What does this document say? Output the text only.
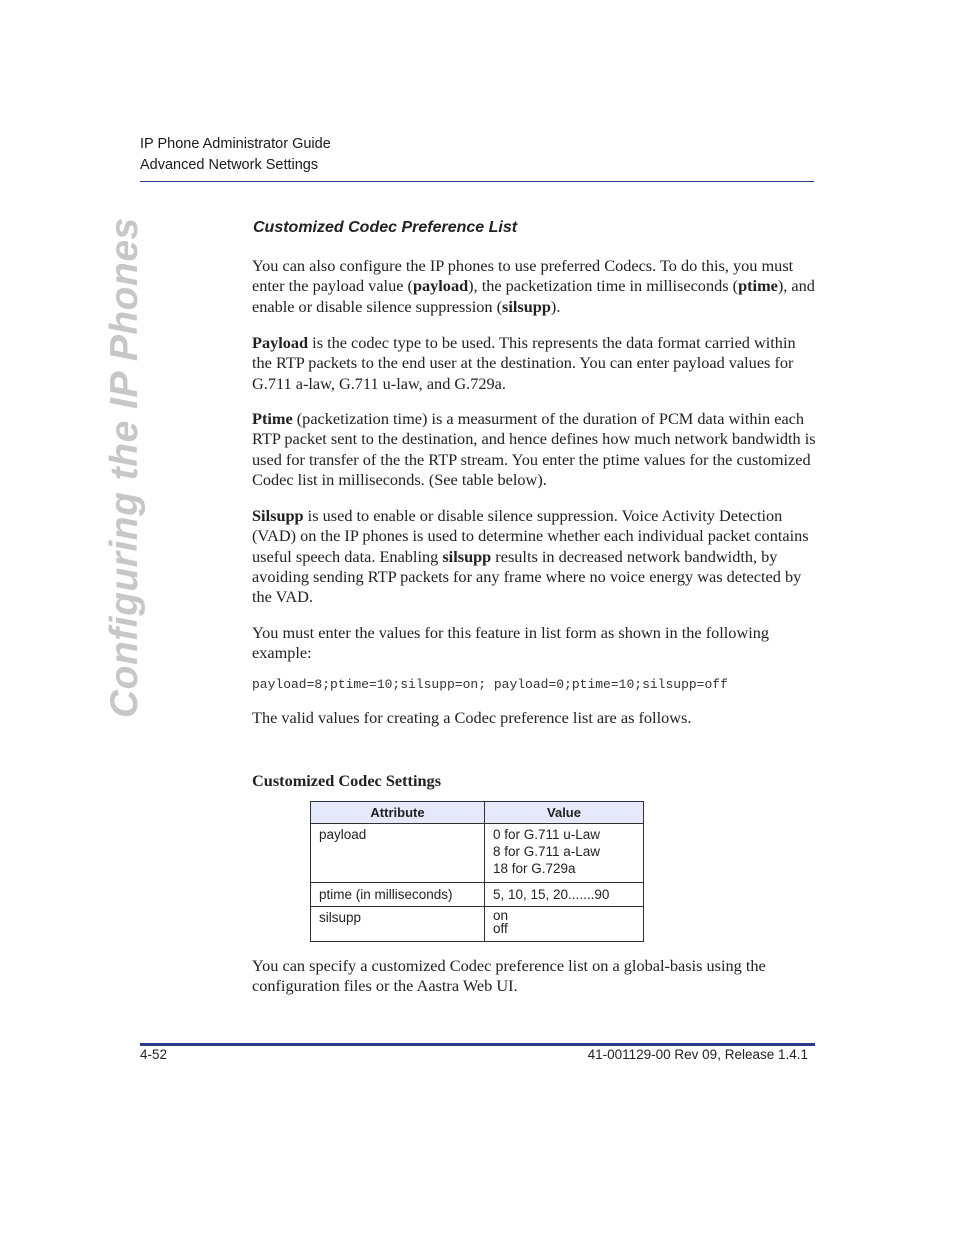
IP Phone Administrator Guide
Advanced Network Settings
Configuring the IP Phones	Customized Codec Preference List
You can also configure the IP phones to use preferred Codecs. To do this, you must enter the payload value (payload), the packetization time in milliseconds (ptime), and enable or disable silence suppression (silsupp).
Payload is the codec type to be used. This represents the data format carried within the RTP packets to the end user at the destination. You can enter payload values for G.711 a-law, G.711 u-law, and G.729a.
Ptime (packetization time) is a measurment of the duration of PCM data within each RTP packet sent to the destination, and hence defines how much network bandwidth is used for transfer of the the RTP stream. You enter the ptime values for the customized Codec list in milliseconds. (See table below).
Silsupp is used to enable or disable silence suppression. Voice Activity Detection (VAD) on the IP phones is used to determine whether each individual packet contains useful speech data. Enabling silsupp results in decreased network bandwidth, by avoiding sending RTP packets for any frame where no voice energy was detected by the VAD.
You must enter the values for this feature in list form as shown in the following example:
payload=8;ptime=10;silsupp=on; payload=0;ptime=10;silsupp=off
The valid values for creating a Codec preference list are as follows.
Customized Codec Settings
Attribute	Value
payload	0 for G.711 u-Law
8 for G.711 a-Law
18 for G.729a

ptime (in milliseconds)	5, 10, 15, 20.......90

silsupp	on
off
You can specify a customized Codec preference list on a global-basis using the configuration files or the Aastra Web UI.
4-52	41-001129-00 Rev 09, Release 1.4.1
